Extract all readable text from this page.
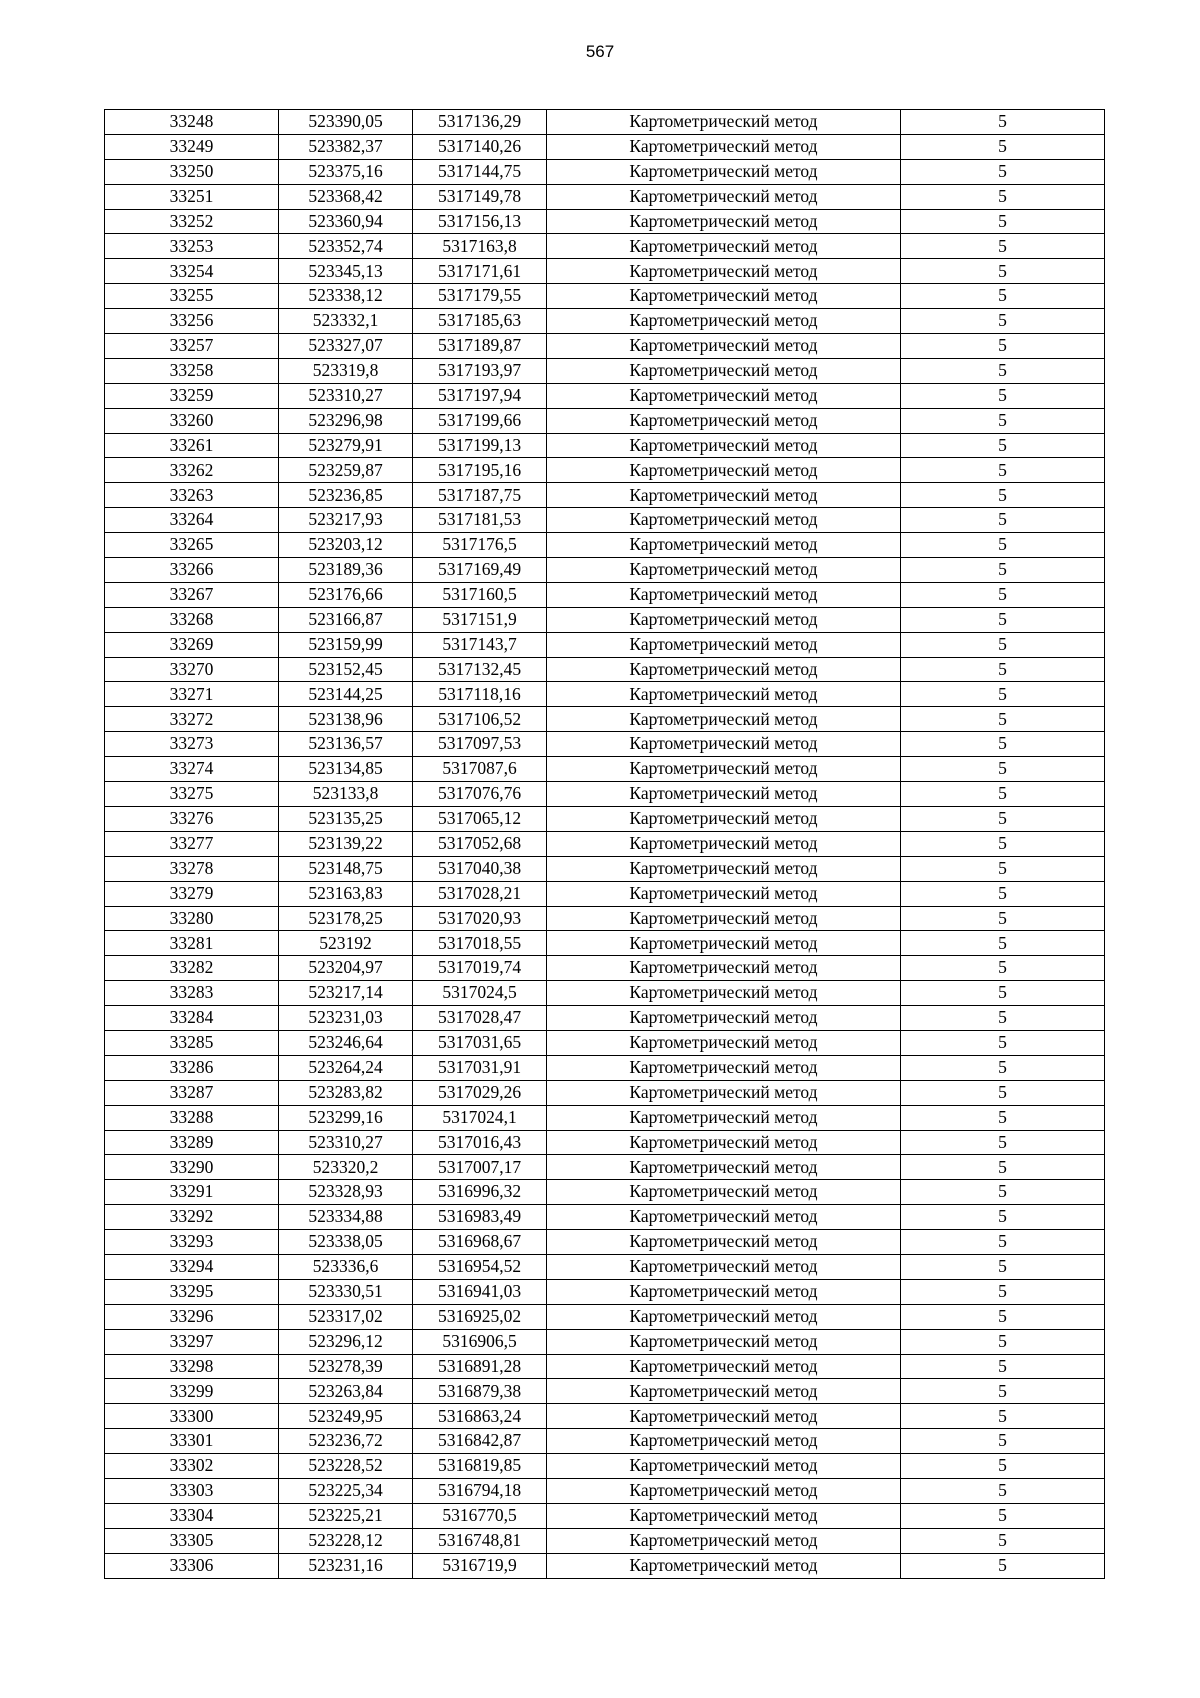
567
33248	523390,05	5317136,29	Картометрический метод	5
33249	523382,37	5317140,26	Картометрический метод	5
33250	523375,16	5317144,75	Картометрический метод	5
33251	523368,42	5317149,78	Картометрический метод	5
33252	523360,94	5317156,13	Картометрический метод	5
33253	523352,74	5317163,8	Картометрический метод	5
33254	523345,13	5317171,61	Картометрический метод	5
33255	523338,12	5317179,55	Картометрический метод	5
33256	523332,1	5317185,63	Картометрический метод	5
33257	523327,07	5317189,87	Картометрический метод	5
33258	523319,8	5317193,97	Картометрический метод	5
33259	523310,27	5317197,94	Картометрический метод	5
33260	523296,98	5317199,66	Картометрический метод	5
33261	523279,91	5317199,13	Картометрический метод	5
33262	523259,87	5317195,16	Картометрический метод	5
33263	523236,85	5317187,75	Картометрический метод	5
33264	523217,93	5317181,53	Картометрический метод	5
33265	523203,12	5317176,5	Картометрический метод	5
33266	523189,36	5317169,49	Картометрический метод	5
33267	523176,66	5317160,5	Картометрический метод	5
33268	523166,87	5317151,9	Картометрический метод	5
33269	523159,99	5317143,7	Картометрический метод	5
33270	523152,45	5317132,45	Картометрический метод	5
33271	523144,25	5317118,16	Картометрический метод	5
33272	523138,96	5317106,52	Картометрический метод	5
33273	523136,57	5317097,53	Картометрический метод	5
33274	523134,85	5317087,6	Картометрический метод	5
33275	523133,8	5317076,76	Картометрический метод	5
33276	523135,25	5317065,12	Картометрический метод	5
33277	523139,22	5317052,68	Картометрический метод	5
33278	523148,75	5317040,38	Картометрический метод	5
33279	523163,83	5317028,21	Картометрический метод	5
33280	523178,25	5317020,93	Картометрический метод	5
33281	523192	5317018,55	Картометрический метод	5
33282	523204,97	5317019,74	Картометрический метод	5
33283	523217,14	5317024,5	Картометрический метод	5
33284	523231,03	5317028,47	Картометрический метод	5
33285	523246,64	5317031,65	Картометрический метод	5
33286	523264,24	5317031,91	Картометрический метод	5
33287	523283,82	5317029,26	Картометрический метод	5
33288	523299,16	5317024,1	Картометрический метод	5
33289	523310,27	5317016,43	Картометрический метод	5
33290	523320,2	5317007,17	Картометрический метод	5
33291	523328,93	5316996,32	Картометрический метод	5
33292	523334,88	5316983,49	Картометрический метод	5
33293	523338,05	5316968,67	Картометрический метод	5
33294	523336,6	5316954,52	Картометрический метод	5
33295	523330,51	5316941,03	Картометрический метод	5
33296	523317,02	5316925,02	Картометрический метод	5
33297	523296,12	5316906,5	Картометрический метод	5
33298	523278,39	5316891,28	Картометрический метод	5
33299	523263,84	5316879,38	Картометрический метод	5
33300	523249,95	5316863,24	Картометрический метод	5
33301	523236,72	5316842,87	Картометрический метод	5
33302	523228,52	5316819,85	Картометрический метод	5
33303	523225,34	5316794,18	Картометрический метод	5
33304	523225,21	5316770,5	Картометрический метод	5
33305	523228,12	5316748,81	Картометрический метод	5
33306	523231,16	5316719,9	Картометрический метод	5
